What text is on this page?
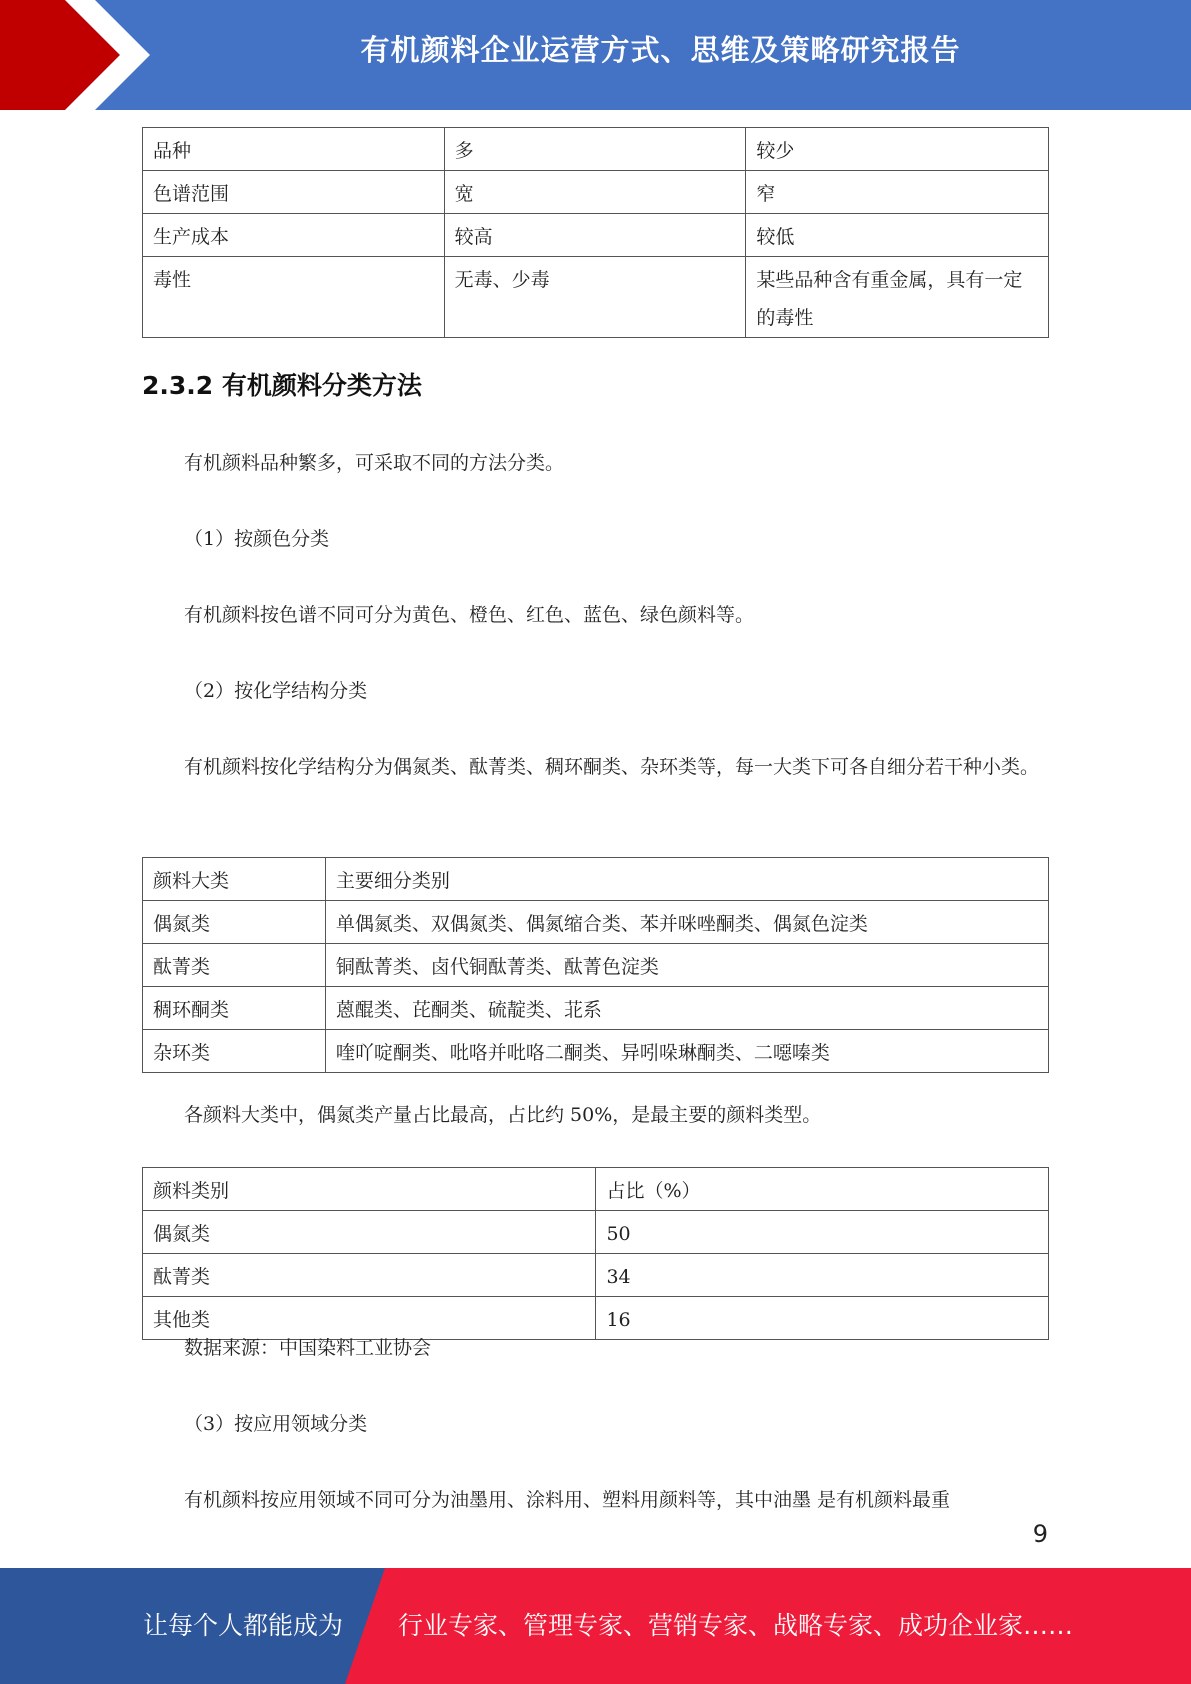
有机颜料企业运营方式、思维及策略研究报告
品种	多	较少
色谱范围	宽	窄
生产成本	较高	较低
毒性	无毒、少毒	某些品种含有重金属，具有一定的毒性
2.3.2 有机颜料分类方法
有机颜料品种繁多，可采取不同的方法分类。
（1）按颜色分类
有机颜料按色谱不同可分为黄色、橙色、红色、蓝色、绿色颜料等。
（2）按化学结构分类
有机颜料按化学结构分为偶氮类、酞菁类、稠环酮类、杂环类等，每一大类下可各自细分若干种小类。
颜料大类	主要细分类别
偶氮类	单偶氮类、双偶氮类、偶氮缩合类、苯并咪唑酮类、偶氮色淀类
酞菁类	铜酞菁类、卤代铜酞菁类、酞菁色淀类
稠环酮类	蒽醌类、芘酮类、硫靛类、苝系
杂环类	喹吖啶酮类、吡咯并吡咯二酮类、异吲哚琳酮类、二噁嗪类
各颜料大类中，偶氮类产量占比最高，占比约 50%，是最主要的颜料类型。
颜料类别	占比（%）
偶氮类	50
酞菁类	34
其他类	16
数据来源：中国染料工业协会
（3）按应用领域分类
有机颜料按应用领域不同可分为油墨用、涂料用、塑料用颜料等，其中油墨 是有机颜料最重
9
让每个人都能成为 行业专家、管理专家、营销专家、战略专家、成功企业家……
